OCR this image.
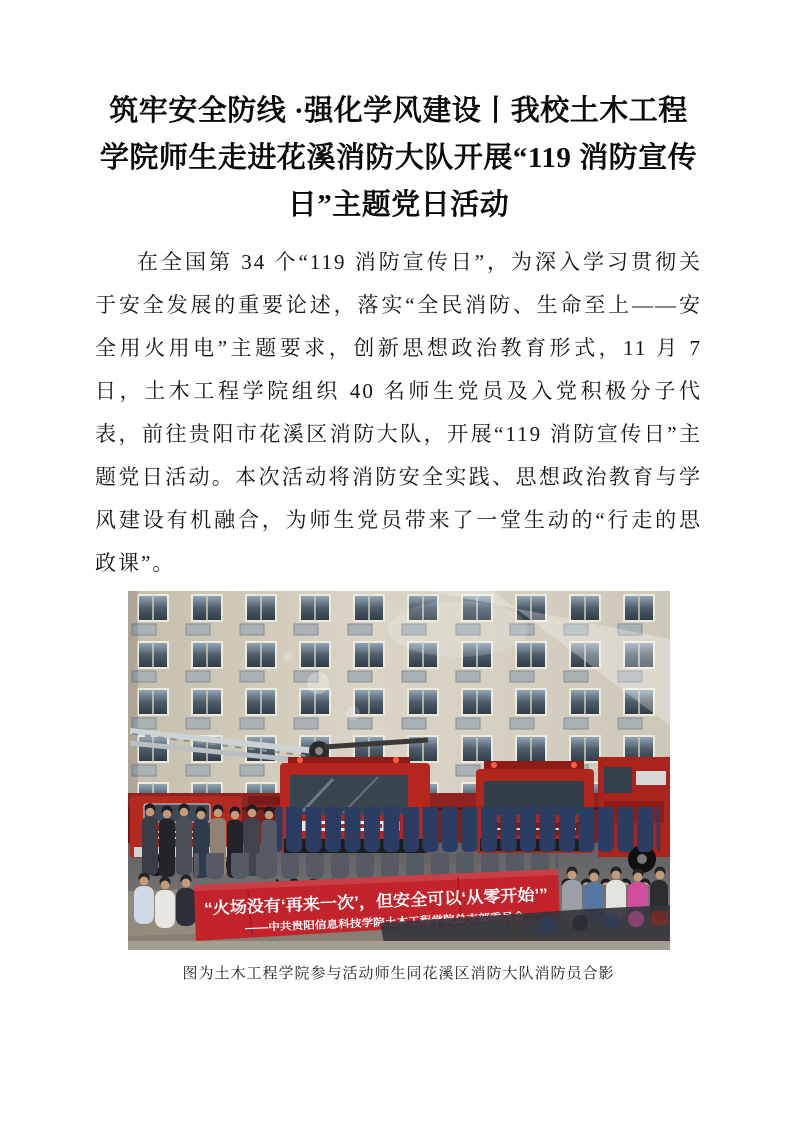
筑牢安全防线 ·强化学风建设丨我校土木工程学院师生走进花溪消防大队开展“119 消防宣传日”主题党日活动

在全国第 34 个“119 消防宣传日”，为深入学习贯彻关于安全发展的重要论述，落实“全民消防、生命至上——安全用火用电”主题要求，创新思想政治教育形式，11 月 7 日，土木工程学院组织 40 名师生党员及入党积极分子代表，前往贵阳市花溪区消防大队，开展“119 消防宣传日”主题党日活动。本次活动将消防安全实践、思想政治教育与学风建设有机融合，为师生党员带来了一堂生动的“行走的思政课”。

“火场没有‘再来一次’，但安全可以‘从零开始’”
——中共贵阳信息科技学院土木工程学院总支部委员会
图为土木工程学院参与活动师生同花溪区消防大队消防员合影
